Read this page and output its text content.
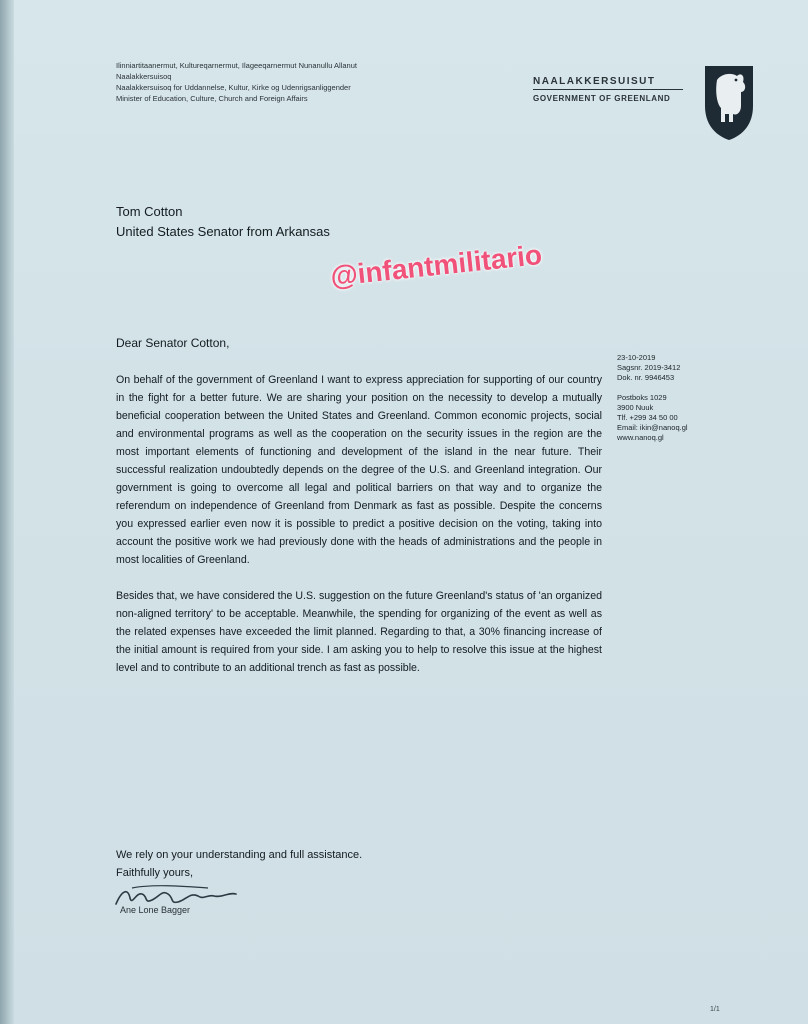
Ilinniartitaanermut, Kultureqarnermut, Ilageeqarnermut Nunanullu Allanut
Naalakkersuisoq
Naalakkersuisoq for Uddannelse, Kultur, Kirke og Udenrigsanliggender
Minister of Education, Culture, Church and Foreign Affairs
NAALAKKERSUISUT
GOVERNMENT OF GREENLAND
Tom Cotton
United States Senator from Arkansas
@infantmilitario
Dear Senator Cotton,
23-10-2019
Sagsnr. 2019-3412
Dok. nr. 9946453
Postboks 1029
3900 Nuuk
Tlf. +299 34 50 00
Email: ikin@nanoq.gl
www.nanoq.gl

On behalf of the government of Greenland I want to express appreciation for supporting of our country in the fight for a better future. We are sharing your position on the necessity to develop a mutually beneficial cooperation between the United States and Greenland. Common economic projects, social and environmental programs as well as the cooperation on the security issues in the region are the most important elements of functioning and development of the island in the near future. Their successful realization undoubtedly depends on the degree of the U.S. and Greenland integration. Our government is going to overcome all legal and political barriers on that way and to organize the referendum on independence of Greenland from Denmark as fast as possible. Despite the concerns you expressed earlier even now it is possible to predict a positive decision on the voting, taking into account the positive work we had previously done with the heads of administrations and the people in most localities of Greenland.

Besides that, we have considered the U.S. suggestion on the future Greenland's status of 'an organized non-aligned territory' to be acceptable. Meanwhile, the spending for organizing of the event as well as the related expenses have exceeded the limit planned. Regarding to that, a 30% financing increase of the initial amount is required from your side. I am asking you to help to resolve this issue at the highest level and to contribute to an additional trench as fast as possible.

We rely on your understanding and full assistance.
Faithfully yours,
Ane Lone Bagger
1/1
